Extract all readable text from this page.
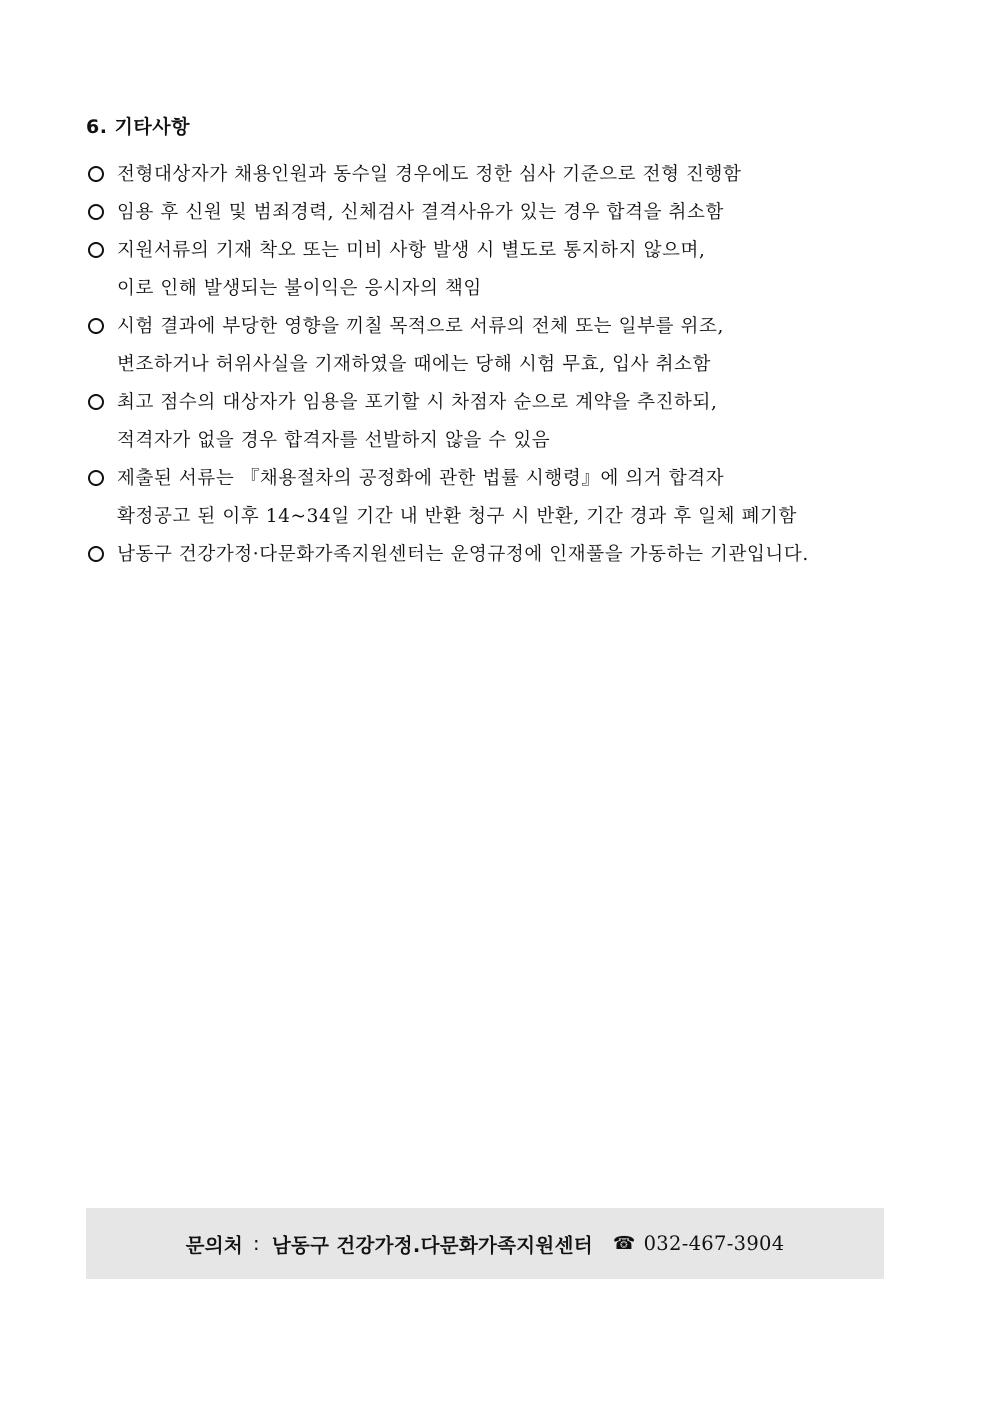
6. 기타사항
전형대상자가 채용인원과 동수일 경우에도 정한 심사 기준으로 전형 진행함
임용 후 신원 및 범죄경력, 신체검사 결격사유가 있는 경우 합격을 취소함
지원서류의 기재 착오 또는 미비 사항 발생 시 별도로 통지하지 않으며,
이로 인해 발생되는 불이익은 응시자의 책임
시험 결과에 부당한 영향을 끼칠 목적으로 서류의 전체 또는 일부를 위조,
변조하거나 허위사실을 기재하였을 때에는 당해 시험 무효, 입사 취소함
최고 점수의 대상자가 임용을 포기할 시 차점자 순으로 계약을 추진하되,
적격자가 없을 경우 합격자를 선발하지 않을 수 있음
제출된 서류는 『채용절차의 공정화에 관한 법률 시행령』에 의거 합격자
확정공고 된 이후 14~34일 기간 내 반환 청구 시 반환, 기간 경과 후 일체 폐기함
남동구 건강가정·다문화가족지원센터는 운영규정에 인재풀을 가동하는 기관입니다.
문의처 : 남동구 건강가정.다문화가족지원센터 ☎ 032-467-3904
